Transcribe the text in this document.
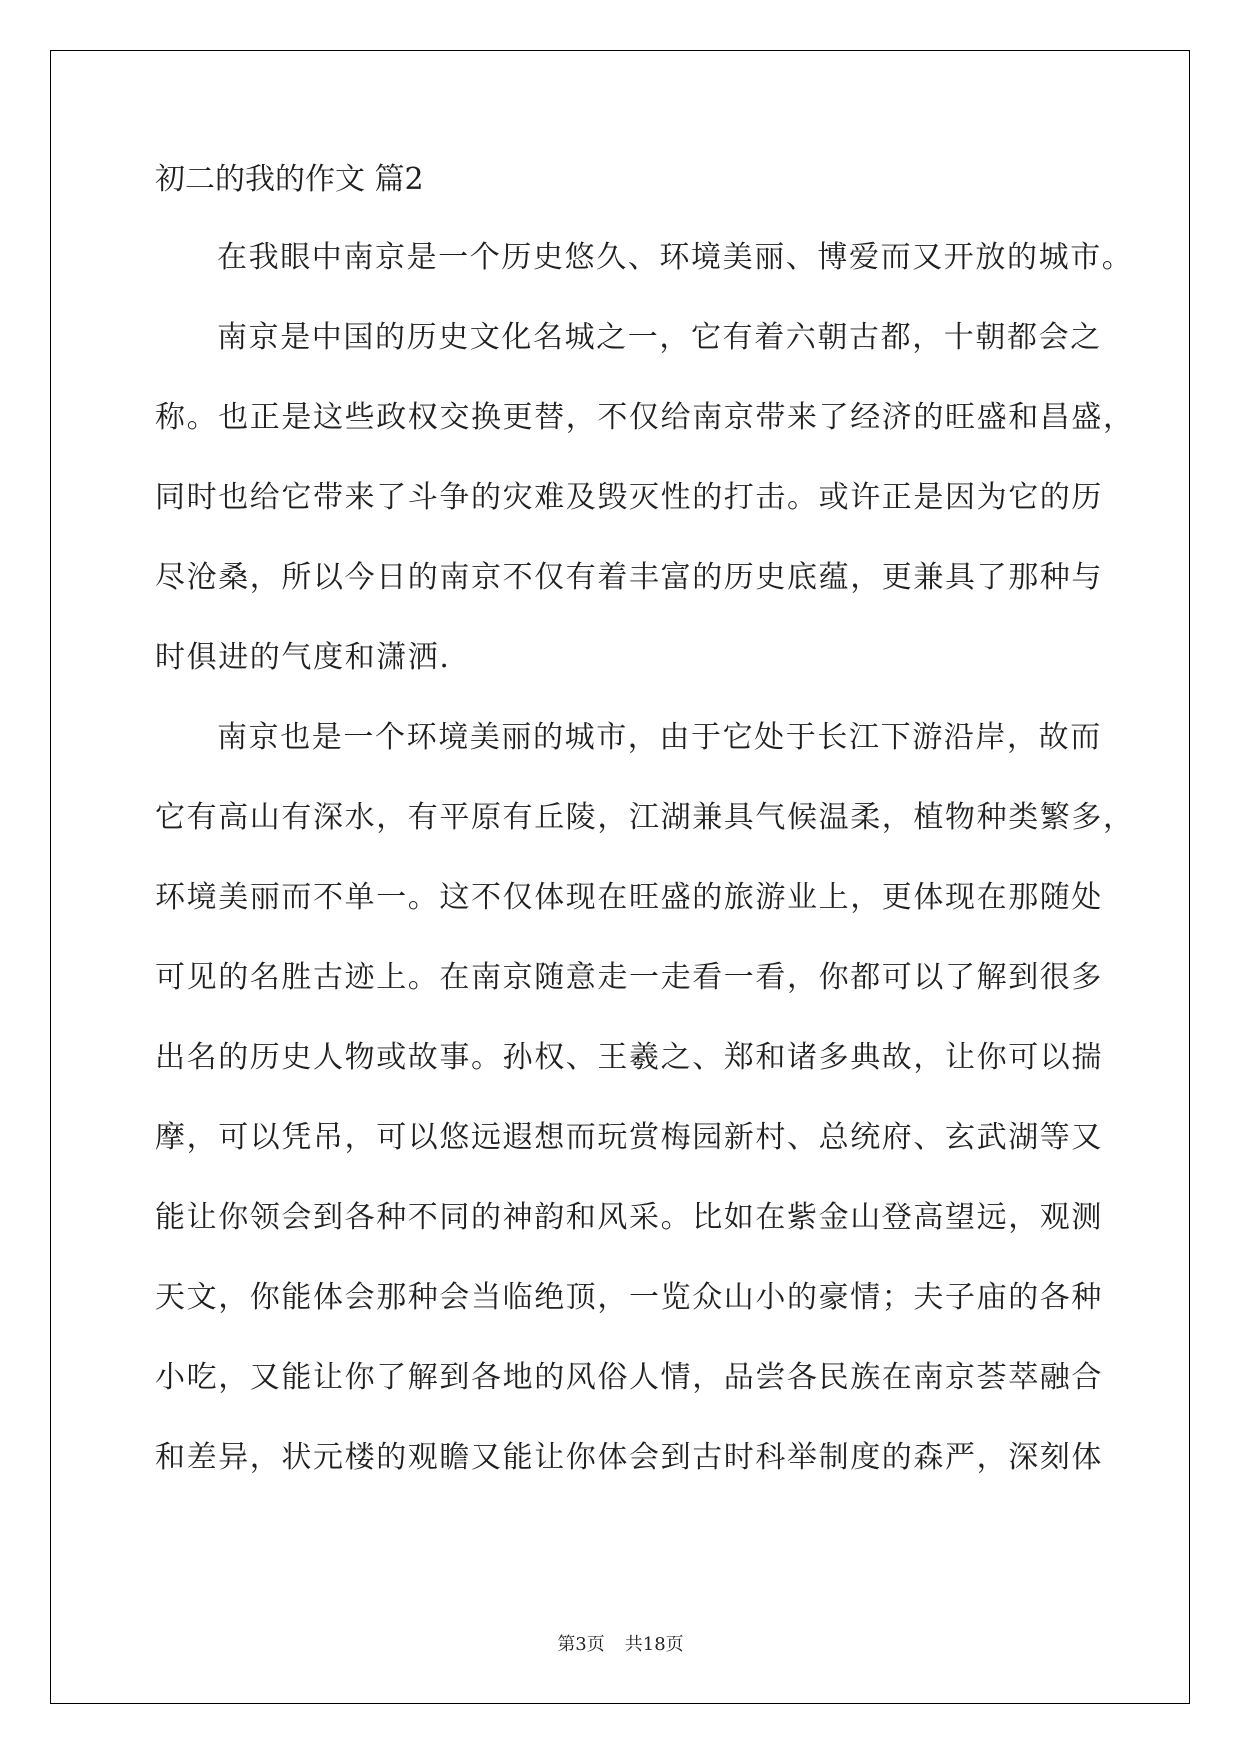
初二的我的作文 篇2
在我眼中南京是一个历史悠久、环境美丽、博爱而又开放的城市。
南京是中国的历史文化名城之一，它有着六朝古都，十朝都会之
称。也正是这些政权交换更替，不仅给南京带来了经济的旺盛和昌盛，
同时也给它带来了斗争的灾难及毁灭性的打击。或许正是因为它的历
尽沧桑，所以今日的南京不仅有着丰富的历史底蕴，更兼具了那种与
时俱进的气度和潇洒.
南京也是一个环境美丽的城市，由于它处于长江下游沿岸，故而
它有高山有深水，有平原有丘陵，江湖兼具气候温柔，植物种类繁多，
环境美丽而不单一。这不仅体现在旺盛的旅游业上，更体现在那随处
可见的名胜古迹上。在南京随意走一走看一看，你都可以了解到很多
出名的历史人物或故事。孙权、王羲之、郑和诸多典故，让你可以揣
摩，可以凭吊，可以悠远遐想而玩赏梅园新村、总统府、玄武湖等又
能让你领会到各种不同的神韵和风采。比如在紫金山登高望远，观测
天文，你能体会那种会当临绝顶，一览众山小的豪情；夫子庙的各种
小吃，又能让你了解到各地的风俗人情，品尝各民族在南京荟萃融合
和差异，状元楼的观瞻又能让你体会到古时科举制度的森严，深刻体
第3页 共18页
